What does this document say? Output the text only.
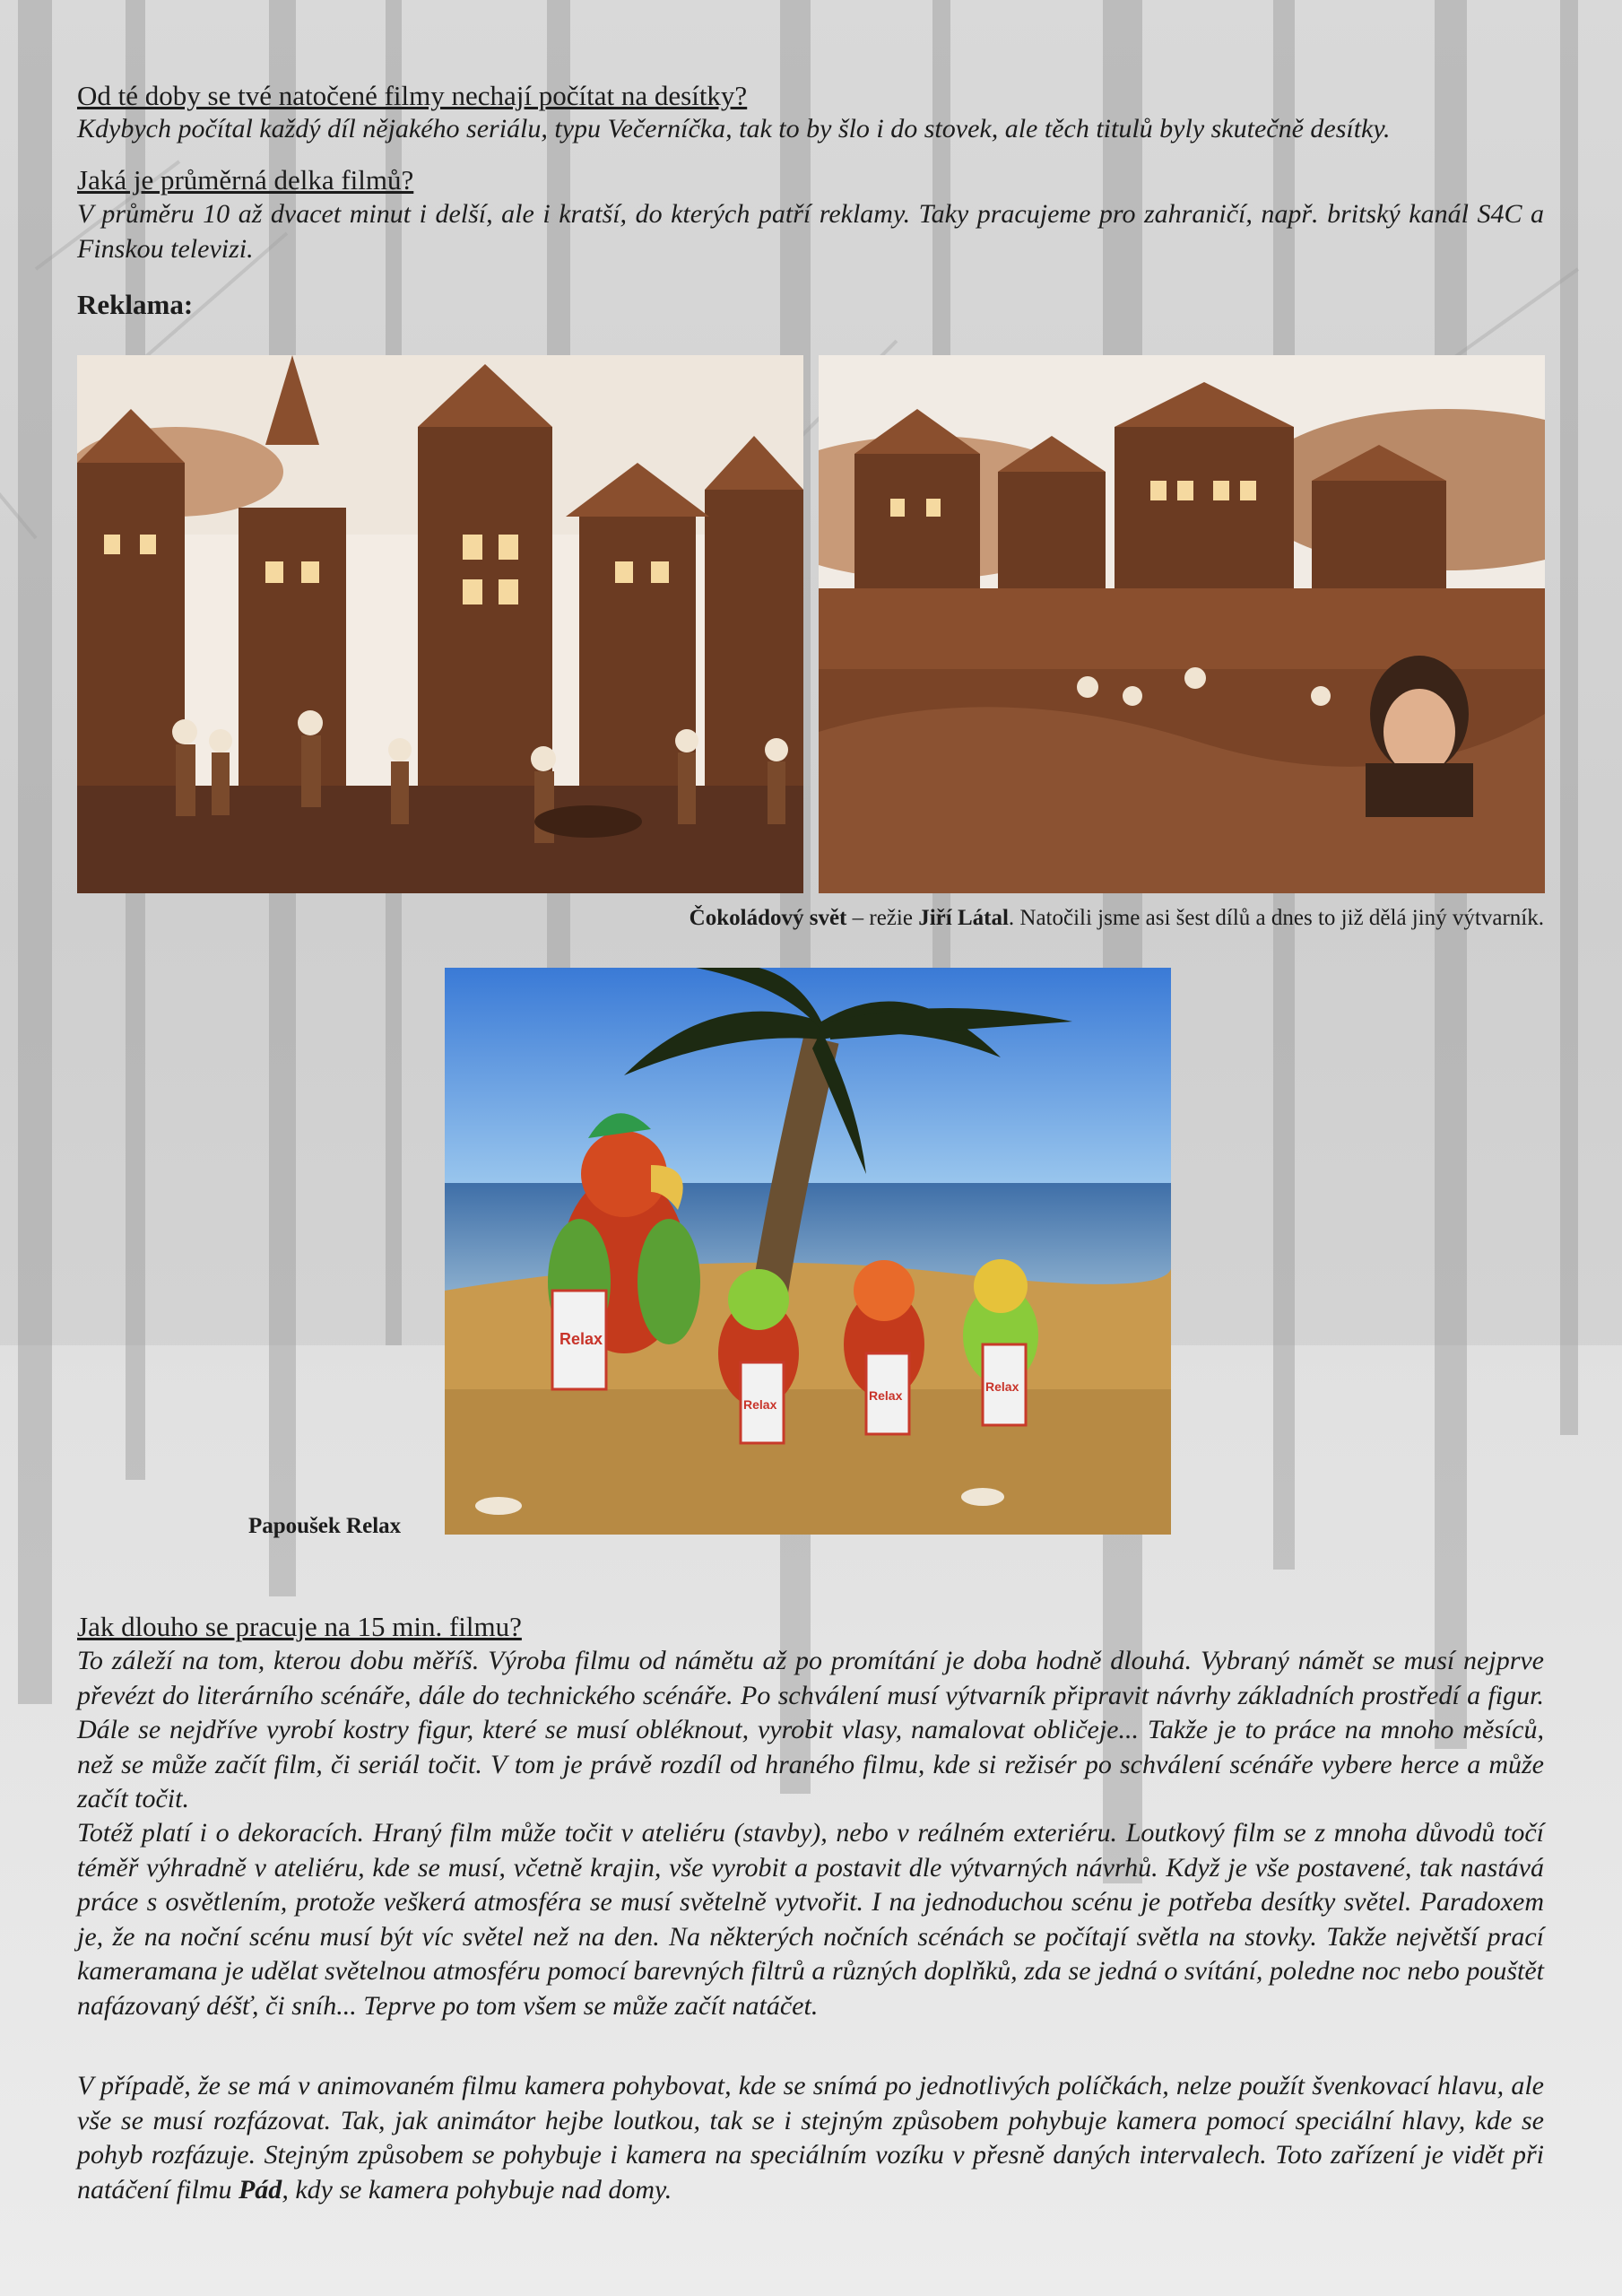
Od té doby se tvé natočené filmy nechají počítat na desítky?
Kdybych počítal každý díl nějakého seriálu, typu Večerníčka, tak to by šlo i do stovek, ale těch titulů byly skutečně desítky.
Jaká je průměrná delka filmů?
V průměru 10 až dvacet minut i delší, ale i kratší, do kterých patří reklamy. Taky pracujeme pro zahraničí, např. britský kanál S4C a Finskou televizi.
Reklama:
Čokoládový svět – režie Jiří Látal. Natočili jsme asi šest dílů a dnes to již dělá jiný výtvarník.
Relax
Relax
Relax
Relax
Papoušek Relax
Jak dlouho se pracuje na 15 min. filmu?
To záleží na tom, kterou dobu měříš. Výroba filmu od námětu až po promítání je doba hodně dlouhá. Vybraný námět se musí nejprve převézt do literárního scénáře, dále do technického scénáře. Po schválení musí výtvarník připravit návrhy základních prostředí a figur. Dále se nejdříve vyrobí kostry figur, které se musí obléknout, vyrobit vlasy, namalovat obličeje... Takže je to práce na mnoho měsíců, než se může začít film, či seriál točit. V tom je právě rozdíl od hraného filmu, kde si režisér po schválení scénáře vybere herce a může začít točit.
Totéž platí i o dekoracích. Hraný film může točit v ateliéru (stavby), nebo v reálném exteriéru. Loutkový film se z mnoha důvodů točí téměř výhradně v ateliéru, kde se musí, včetně krajin, vše vyrobit a postavit dle výtvarných návrhů. Když je vše postavené, tak nastává práce s osvětlením, protože veškerá atmosféra se musí světelně vytvořit. I na jednoduchou scénu je potřeba desítky světel. Paradoxem je, že na noční scénu musí být víc světel než na den. Na některých nočních scénách se počítají světla na stovky. Takže největší prací kameramana je udělat světelnou atmosféru pomocí barevných filtrů a různých doplňků, zda se jedná o svítání, poledne noc nebo pouštět nafázovaný déšť, či sníh... Teprve po tom všem se může začít natáčet.
V případě, že se má v animovaném filmu kamera pohybovat, kde se snímá po jednotlivých políčkách, nelze použít švenkovací hlavu, ale vše se musí rozfázovat. Tak, jak animátor hejbe loutkou, tak se i stejným způsobem pohybuje kamera pomocí speciální hlavy, kde se pohyb rozfázuje. Stejným způsobem se pohybuje i kamera na speciálním vozíku v přesně daných intervalech. Toto zařízení je vidět při natáčení filmu Pád, kdy se kamera pohybuje nad domy.
